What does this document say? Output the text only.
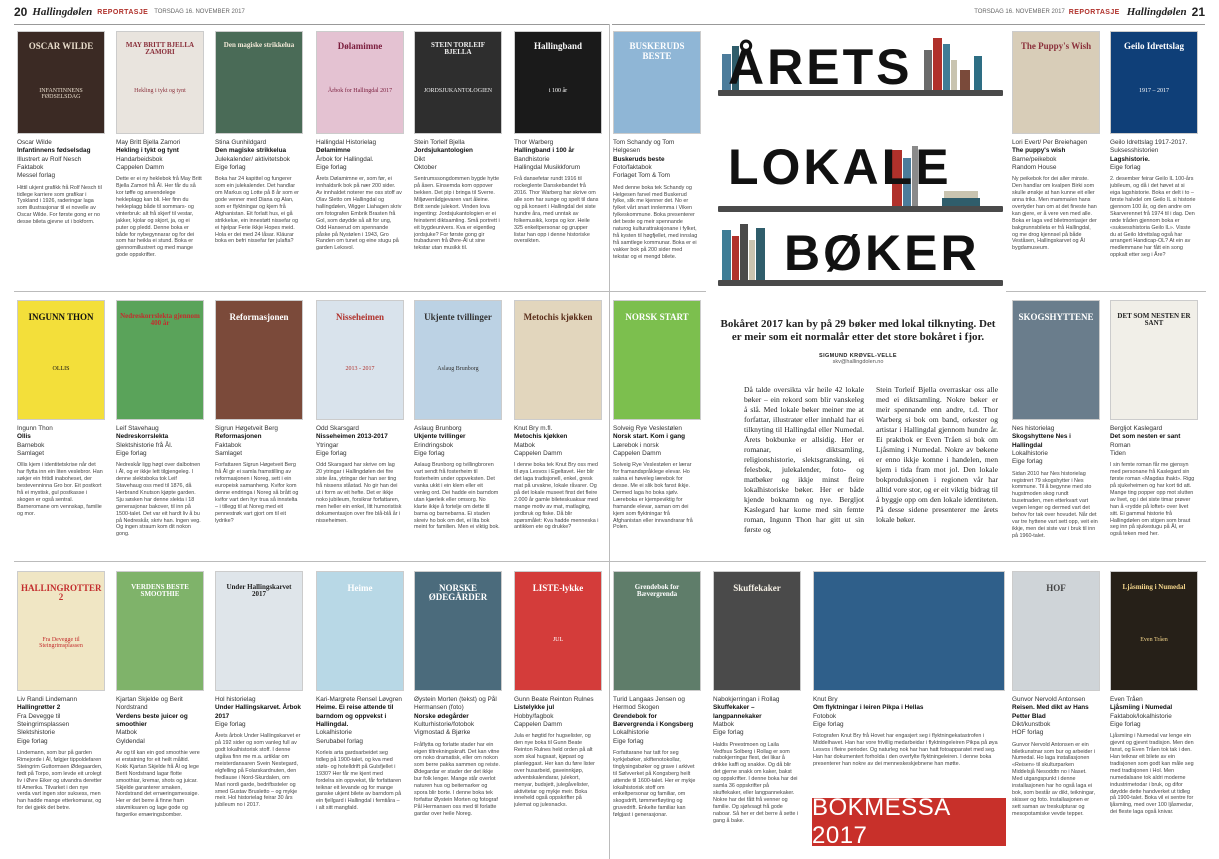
20 Hallingdølen REPORTASJE TORSDAG 16. NOVEMBER 2017	TORSDAG 16. NOVEMBER 2017 REPORTASJE Hallingdølen 21
ÅRETS
LOKALE
BØKER
Bokåret 2017 kan by på 29 bøker med lokal tilknyting. Det er meir som eit normalår etter det store bokåret i fjor.
SIGMUND KRØVEL-VELLE
skv@hallingdolen.no
Då talde oversikta vår heile 42 lokale bøker – ein rekord som blir vanskeleg å slå. Med lokale bøker meiner me at forfattar, illustratør eller innhald har ei tilknyting til Hallingdal eller Numedal. Årets bokbunke er allsidig. Her er romanar, ei diktsamling, religionshistorie, slektsgransking, ei felesbok, julekalender, foto- og matbøker og ikkje minst fleire lokalhistoriske bøker. Her er både kjende boknamn og nye. Bergljot Kaslegard har kome med sin femte roman, Ingunn Thon har gitt ut sin første og
Stein Torleif Bjella overraskar oss alle med ei diktsamling. Nokre bøker er meir spennande enn andre, t.d. Thor Warberg si bok om band, orkester og artistar i Hallingdal gjennom hundre år. Ei praktbok er Even Tråen si bok om Ljåsming i Numedal. Nokre av bøkene er enno ikkje komne i handelen, men kjem i tida fram mot jol. Den lokale bokproduksjonen i regionen vår har alltid vore stor, og er eit viktig bidrag til å byggje opp om den lokale identiteten. På desse sidene presenterer me årets lokale bøker.
BOKMESSA 2017
OSCAR WILDE
INFANTINNENS FØDSELSDAG
Oscar Wilde
Infantinnens fødselsdag
Illustrert av Rolf Nesch
Faktabok
Messel forlag
Hittil ukjent grafikk frå Rolf Nesch til tidlege karriere som grafikar i Tyskland i 1926, raderingar laga som illustrasjonar til ei novelle av Oscar Wilde. For første gong er no desse bileta gjevne ut i bokform.
MAY BRITT BJELLA ZAMORI
Hekling i tykt og tynt
May Britt Bjella Zamori
Hekling i tykt og tynt
Handarbeidsbok
Cappelen Damm
Dette er ei ny heklebok frå May Britt Bjella Zamori frå Ål. Her får du så kor tøffe og anvendelege hekleplagg kan bli. Her finn du hekleplagg både til sommars- og vinterbruk: alt frå skjerf til vestar, jakker, kjolar og skjort, ja, og ei puter og pledd. Denne boka er både for nybegynnarar og for dei som har heikla ei stund. Boka er gjennomillustrert og med mange gode oppskrifter.
Den magiske strikkelua
Stina Gunhildgard
Den magiske strikkelua
Julekalender/ aktivitetsbok
Eige forlag
Boka har 24 kapittel og fungerer som ein julekalender. Det handlar om Markus og Lotte på 8 år som er gode venner med Diana og Alan, som er flyktningar og kjem frå Afghanistan. Eit forlatt hus, ei gå strikkelue, ein innestøtt nissefar og ei hjelpar Ferie ikkje Hopes meid. Hola er dei med 24 låsar. Kläurar boka en befri nissefar før julafta?
Dølamimne
Årbok for Hallingdal 2017
Hallingdal Historielag
Dølamimne
Årbok for Hallingdal.
Eige forlag
Årets Dølamimne er, som før, ei innhaldsrik bok på nær 200 sider. Av innhaldet noterer me oss stoff av Olav Sletto om Hallingdal og hallingdølen, Wigger Liahagen skriv om fotografen Embrik Brasten frå Gol, som døydde så alt for ung, Odd Hanserud om spennande påske på Nystølen i 1943, Gro Randen om tunet og eine stugu på garden Leksvol.
STEIN TORLEIF BJELLA
JORDSJUKANTOLOGIEN
Stein Torleif Bjella
Jordsjukantologien
Dikt
Oktober
Sentrumssongdommen bygde hytte på åsen. Einsemda kom oppover bekken. Det pip i bringa til Sverre. Miljøverrådgjevaren vart åleine. Britt sende julekort. Vinden lova ingenting: Jordsjukantologien er ei feinstemt diktsamling. Små portrett i eit bygdeunivers. Kva er eigentleg jordsjuke? For første gong gir trubaduren frå Øvre-Ål ut sine tekstar utan musikk til.
Hallingband
i 100 år
Thor Warberg
Hallingband i 100 år
Bandhistorie
Hallingdal Musikkforum
Frå dansefetar rundt 1916 til rockeglente Danskebandet frå 2016. Thor Warberg har skrive om alle som har sunge og spelt til dans og på konsert i Hallingdal dei siste hundre åra, med unntak av folkemusikk, korps og kor. Heile 325 enkeltpersonar og grupper listar han opp i denne historiske oversikten.
BUSKERUDS BESTE
Tom Schandy og Tom Helgesen
Buskeruds beste
Foto/faktabok
Forlaget Tom & Tom
Med denne boka tek Schandy og Helgesen farvel med Buskerud fylke, slik me kjenner det. No er fylket vårt snart innlemma i Viken fylkeskommune. Boka presenterer det beste og meir spennande naturog kulturattraksjonane i fylket, frå kysten til høgfjellet, med innslag frå samtlege kommunar. Boka er ei vakker bok på 200 sider med tekstar og ei mengd bilete.
The Puppy's Wish
Lori Evert/ Per Breiehagen
The puppy's wish
Barne/peikebok
Random House
Ny peikebok for dei aller minste. Den handlar om kvalpen Birki som skulle ønskje at han kunne eit eller anna triks. Men mamma/en hans overtyder han om at det fineste han kan gjere, er å vere ven med alle. Boka er laga ved biletmontasjer der bakgrunnsbileta er frå Hallingdal, og me drog kjennsel på både Veståsen, Hallingskarvet og Ål bygdamuseum.
Geilo Idrettslag
1917 – 2017
Geilo Idrettslag 1917-2017. Suksesshistorien
Lagshistorie.
Eige forlag
2. desember feirar Geilo IL 100-års jubileum, og då i det høvet at si eiga lagshistorie. Boka er delt i to – første halvdel om Geilo IL si historie gjennom 100 år, og den andre om Skarverennet frå 1974 til i dag. Den røde tråden gjennom boka er «suksesshistoria Geilo IL». Visste du at Geilo Idrettslag også har arrangert Handicap-OL? At ein av medlemmane har fått ein song oppkalt etter seg i Åre?
INGUNN THON
OLLIS
Ingunn Thon
Ollis
Barnebok
Samlaget
Ollis kjem i identitetskrise når det har flytta inn ein liten veslebror. Han søkjer ein fritidl inaboheset, der bestevenninna Gro bor. Eit postkort frå ei mystisk, gul postkasse i skogen er også sentral. Barneromane om vennskap, familie og mor.
Nedreskorrslekta gjennom 400 år
Leif Stavehaug
Nedreskorrslekta
Slektshistorie frå Ål.
Eige forlag
Nedreskår ligg høgt over dalbotnen i Ål, og er ikkje lett tilgjengeleg. I denne slektsboka tok Leif Stavehaug oss med til 1876, då Herbrand Knutson kjøpte garden. Sju søsken har denne slekta i 18 generasjonar bakover, til inn på 1500-talet. Det var eit hardt liv å bu på Nedreskår, skriv han. Ingen veg. Og ingen straum kom dit nokon gong.
Reformasjonen
Sigrun Høgetveit Berg
Reformasjonen
Faktabok
Samlaget
Forfattaren Sigrun Høgetveit Berg frå Ål gir ei samla framstilling av reformasjonen i Noreg, sett i ein europeisk samanheng. Kvifor kom denne endringa i Noreg så brått og kvifor vart den hyr trua så innstelta – i tillegg til at Noreg med eit pennestrøk vart gjort om til eit lydrike?
Nisseheimen
2013 - 2017
Odd Skarsgard
Nisseheimen 2013-2017
Ytringar
Eige forlag
Odd Skarsgard har skrive om lag 20 ytringar i Hallingdølen dei fire siste åra, ytringar der han ser ting frå nissens ståstad. No gir han dei ut i form av eit hefte. Det er ikkje noko jubileum, forsikrar forfattaren, men heller ein enkel, litt humoristisk dokumentasjon over fire blå-blå år i nisseheimen.
Ukjente tvillinger
Aslaug Brunborg
Aslaug Brunborg
Ukjente tvillinger
Erindringsbok
Eige forlag
Aslaug Brunborg og tvillingbroren vart sendt frå fosterheim til fosterheim under oppveksten. Det vanka ukkt i ein klem eller eit venleg ord. Dei hadde ein barndom utan kjærleik eller omsorg. No klarte ikkje å fortelje om dette til barna og barnebarna. Ei staden skreiv ho bok om det, ei lita bok meint for familien. Men ei viktig bok.
Metochis kjøkken
Knut Bry m.fl.
Metochis kjøkken
Matbok
Cappelen Damm
I denne boka tek Knut Bry oss med til øya Lesvos i Egeltavet. Her blir det laga tradisjonell, enkel, gresk mat på urvakne, lokale råvarer. Og på det lokale museet finst det fleire 2.000 år gamle bileteskuaksar med mange motiv av mat, matlaging, jordbruk og fiske. Då blir spørsmålet: Kva hadde menneska i antikken ete og drukke?
NORSK START
Solveig Rye Veslestølen
Norsk start. Kom i gang
Lærebok i norsk
Cappelen Damm
Solveig Rye Veslestølen er lærar for framandspråklege elevar. Ho sakna ei høveleg lærebok for desse. Me ei slik bok fanst ikkje. Dermed laga ho boka sjølv. Læreboka er kjempeviktig for framande elevar, saman om dei kjem som flyktningar frå Afghanistan eller innvandrarar frå Polen.
SKOGSHYTTENE
Nes historielag
Skogshyttene Nes i Hallingdal
Lokalhistorie
Eige forlag
Sidan 2010 har Nes historielag registrert 79 skogshytter i Nes kommune. Til å begynne med sto hugstmoden skog rundt busetnaden, men etterkvart vart vegen lenger og dermed vart det behov for tak over hovudet. Når det var tre hyttene vart sett opp, veit ein ikkje, men dei siste var i bruk til inn på 1960-talet.
DET SOM NESTEN ER SANT
Bergljot Kaslegard
Det som nesten er sant
Roman
Tiden
I sin femte roman får me gjensyn med personane frå Kaslegard sin første roman «Magdas ihakt». Rigg på sjukeheimen og har kort tid att. Mange ting popper opp mot slutten av livet, og i dei siste timar prøver han å «rydde på loftet» over livet sitt. Ei gammal historie frå Hallingdølen om stigen som braut seg inn på sjukestugu på Ål, er også teken med her.
HALLINGROTTER 2
Fra Devegge til Steingrimsplassen
Liv Randi Lindemann
Hallingrøtter 2
Fra Devegge til Steingrimsplassen
Slektshistorie
Eige forlag
Lindemann, som bur på garden Rimejorde i Ål, følgjer tippoldefaren Steingrim Guttormsen Ødegaarden, født på Torpo, som levde eit urolegt liv i Øvre Eiker og utvandra deretter til Amerika. Tilvarket i den nye verda vart ingen stor suksess, men han hadde mange etterkomarar, og for dei gjekk det betre.
VERDENS BESTE SMOOTHIE
Kjartan Skjelde og Berit Nordstrand
Verdens beste juicer og smoothier
Matbok
Gyldendal
Av og til kan ein god smoothie vere ei erstatning for eit heilt måltid. Kokk Kjartan Skjelde frå Ål og lege Berit Nordstrand lagar flotte smoothiar, kremar, shots og juicar. Skjelde garanterer smaken, Nordstrand det ernæringsmessige. Her er det berre å finne fram stavmiksaren og lage gode og fargerike ernæringsbomber.
Under Hallingskarvet 2017
Hol historielag
Under Hallingskarvet. Årbok 2017
Eige forlag
Årets årbok Under Hallingskarvet er på 192 sider og som vanleg full av godt lokalhistorisk stoff. I denne utgåva finn me m.a. artiklar om meisterdansaren Svein Nestegard, elgfelling på Folarskardnuten, den fredlause i Nord-Skurdalen, om Mari nordi garde, bedriftssteler og smed Gustav Brusletto – og mykje meir. Hol historielag feirar 30 års jubileum no i 2017.
Heime
Kari-Margrete Rensel Løvgren
Heime. Ei reise attende til barndom og oppvekst i Hallingdal.
Lokalhistorie
Serubabel forlag
Korleis arta gardsarbeidet seg tidleg på 1900-talet, og kva med støls- og hotelldrift på Gulsfjellet i 1930? Her får me kjent med fordelra sin oppvekst, får forfattaren teiknar eit levande og for mange ganske ukjent bilete av barndom på ein fjellgard i Hallingdal i femtiåra – i alt sitt mangfald.
NORSKE ØDEGÅRDER
Øystein Morten (tekst) og Pål Hermansen (foto)
Norske ødegårder
Kulturhistorie/fotobok
Vigmostad & Bjørke
Fråflytta og forlatte stader har ein eigen tiltrekningskraft. Det kan vitne om noko dramatisk, eller om nokon som berre pakka sammen og reiste. Ødegardar er stader der det ikkje bur folk lenger. Mange står overlot naturen hus og beitemarker og spora blir borte. I denne boka tek forfattar Øystein Morten og fotograf Pål Hermansen oss med til forlatte gardar over heile Noreg.
LISTE-lykke
JUL
Gunn Beate Reinton Rulnes
Listelykke jul
Hobby/fagbok
Cappelen Damm
Jula er høgtid for hugselister, og den nye boka til Gunn Beate Reinton Rulnes held orden på alt som skal hugsast, kjøpast og planleggast. Her kan du føre lister over husarbeid, gaveinnkjøp, adventskalendarar, julekort, menyar, budsjett, julegåvelister, aktivitetar og mykje meir. Boka inneheld også oppskrifter på julemat og julesnacks.
Grendebok for Bævergrenda
Turid Langaas Jensen og Hermod Skogen
Grendebok for Bævergrenda i Kongsberg
Lokalhistorie
Eige forlag
Forfattarane har tatt for seg kyrkjebøker, skiftenotokollar, tinglysingsbøker og grave i arkivet til Sølvverket på Kongsberg heilt attende til 1600-talet. Her er mykje lokalhistorisk stoff om enkeltpersonar og familiar, om skogsdrift, tømmerfløyting og gruvedrift. Enkelte familiar kan følgjast i generasjonar.
Skuffekaker
Nabokjerringan i Rollag
Skuffekaker – langpannekaker
Matbok
Eige forlag
Haldis Preestmoen og Laila Vedfsus Solberg i Rollag er som nabokjerringar flest, dei likar å drikke kaffi og snakke. Og då blir det gjerne snakk om kaker, bakst og oppskrifter. I denne boka har dei samla 36 oppskrifter på skuffekaker, eller langpannekaker. Nokre har dei fått frå venner og familie. Og sjølvsagt frå gode naboar. Så her er det berre å sette i gang å bake.
Knut Bry
Om flyktningar i leiren Pikpa i Hellas
Fotobok
Eige forlag
Fotografen Knut Bry frå Hovet har engasjert seg i flyktningekatastrofen i Middelhavet. Han har vore frivillig medarbeidar i flyktningeleiren Pikpa på øya Lesvos i fleire perioder. Og naturleg nok har han hatt fotoapparatet med seg. Han har dokumentert forholda i den overfylte flyktningeleiren. I denne boka presenterer han nokre av dei menneskeskjebnene han møtte.
HOF
Gunvor Nervold Antonsen
Reisen. Med dikt av Hans Petter Blad
Dikt/kunstbok
HOF forlag
Gunvor Nervold Antonsen er ein biletkunstnar som bur og arbeider i Numedal. Ho laga installasjonen «Reisen» til skulturparken Middelsjå Nesoddtn no i Naset. Med utgangspunkt i denne installasjonen har ho også laga ei bok, som består av dikt, teikningar, skisser og foto. Installasjonen er sett saman av treskulpturar og mesopotamiske vevde tepper.
Ljåsmiing i Numedal
Even Tråen
Even Tråen
Ljåsmiing i Numedal
Faktabok/lokalhistorie
Eige forlag
Ljåsmiing i Numedal var lenge ein gjevnt og gjevnt tradisjon. Men den fanst, og Even Tråen tok tak i den. Han teiknar eit bilete av ein tradisjonen som godt kan måle seg med tradisjonen i Hol. Men numedalsane tok aldri moderne industrimetodar i bruk, og difor døydde dette handverket ut tidleg på 1900-talet. Boka vil ei sentre for ljåsmiing, med over 100 ljåsmedar, dei fleste laga også knivar.
